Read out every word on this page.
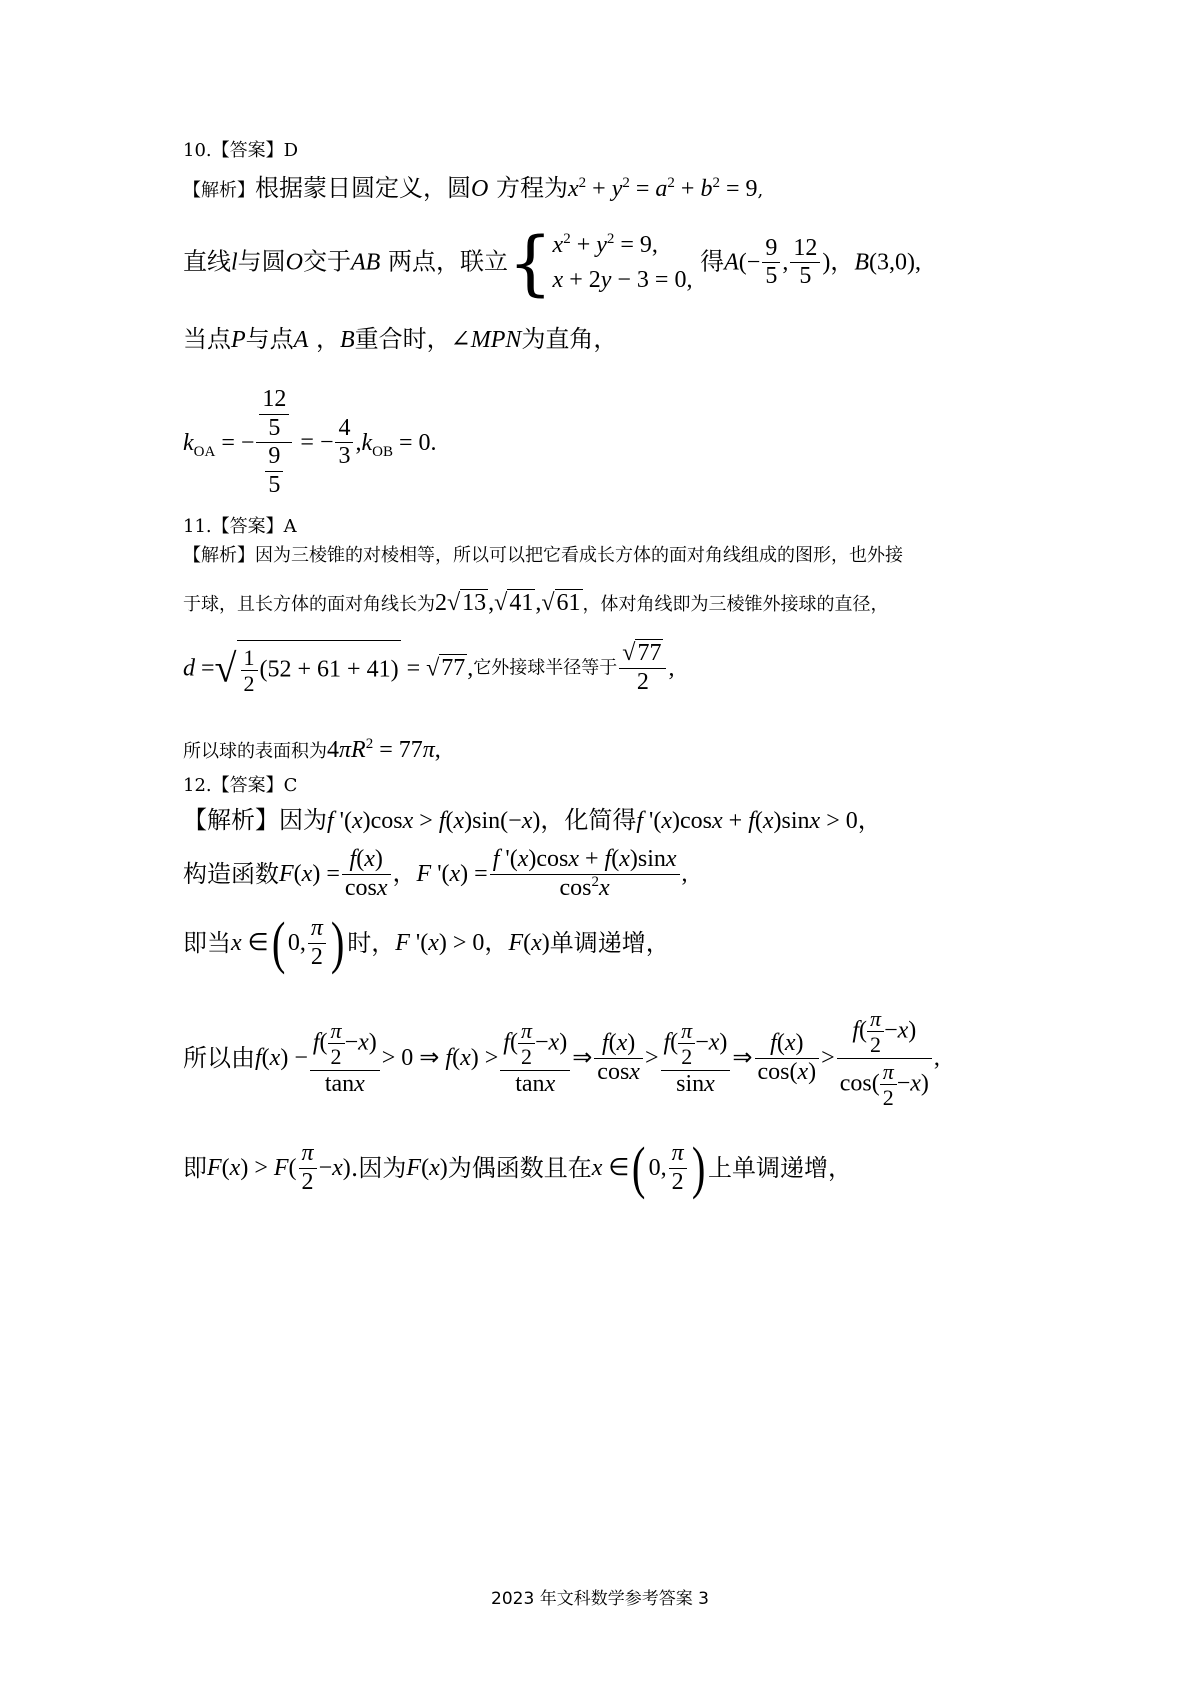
10.【答案】D
【解析】根据蒙日圆定义，圆O 方程为$x^2 + y^2 = a^2 + b^2 = 9$,
直线l与圆O交于AB 两点，联立{$x^2 + y^2 = 9$,
x + 2y − 3 = 0, 得$A(- \frac{9}{5}$ , $\frac{12}{5}$ )，B(3,0),
当点P与点A ，B重合时，∠MPN为直角，
$k_{OA}$ = − $\frac{\frac{12}{5}}{\frac{9}{5}}$ = − $\frac{4}{3} ,k_{OB} = 0$.
11.【答案】A
【解析】因为三棱锥的对棱相等，所以可以把它看成长方体的面对角线组成的图形，也外接
于球，且长方体的面对角线长为2√13,√41,√61 ，体对角线即为三棱锥外接球的直径，
d =√ $\frac{1}{2} (52 + 61 + 41) = √77$,它外接球半径等于 $\frac{√77}{2}$ ,
所以球的表面积为$4\pi R^2 = 77\pi$,
12.【答案】C
【解析】因为f '(x)cosx > f(x)sin(−x)，化简得f '(x)cosx + f(x)sinx > 0，
构造函数$F(x) = \frac{f(x)}{\cos x}$ ，F '$(x) = \frac{f '(x)\cos x + f(x)\sin x}{\cos^2x}$ ,
即当x ∈( 0, $\frac{\pi}{2}$ ) 时，F '(x) > 0，F(x)单调递增，
所以由$f(x) - \frac{f( \frac{\pi}{2} -x)}{\tan x} > 0$ ⇒ $f(x) > \frac{f( \frac{\pi}{2} -x)}{\tan x}$ ⇒ $\frac{f(x)}{\cos x} > \frac{f( \frac{\pi}{2} -x)}{\sin x}$ ⇒ $\frac{f(x)}{\cos(x)} > \frac{f( \frac{\pi}{2} -x)}{\cos( \frac{\pi}{2} -x)}$ ,
即$F(x) > F( \frac{\pi}{2} -x)$.因为F(x)为偶函数且在x ∈( 0, $\frac{\pi}{2}$ ) 上单调递增，
2023 年文科数学参考答案 3
